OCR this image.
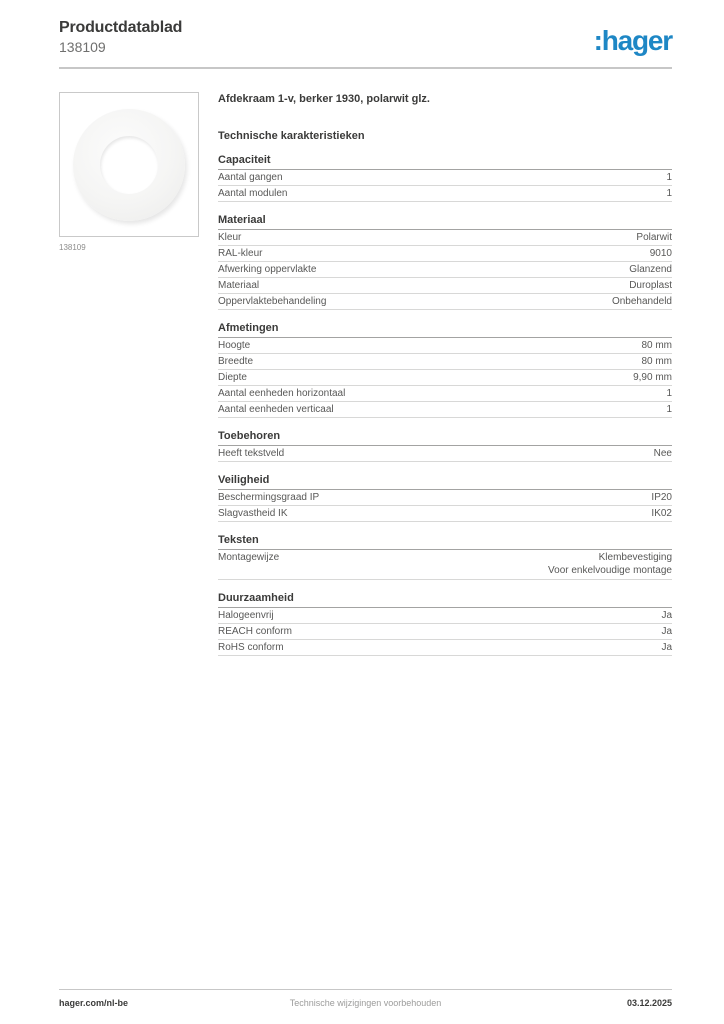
Productdatablad
138109	:hager
138109
Afdekraam 1-v, berker 1930, polarwit glz.
Technische karakteristieken
Capaciteit
Aantal gangen	1
Aantal modulen	1
Materiaal
Kleur	Polarwit
RAL-kleur	9010
Afwerking oppervlakte	Glanzend
Materiaal	Duroplast
Oppervlaktebehandeling	Onbehandeld
Afmetingen
Hoogte	80 mm
Breedte	80 mm
Diepte	9,90 mm
Aantal eenheden horizontaal	1
Aantal eenheden verticaal	1
Toebehoren
Heeft tekstveld	Nee
Veiligheid
Beschermingsgraad IP	IP20
Slagvastheid IK	IK02
Teksten
Montagewijze	Klembevestiging
Voor enkelvoudige montage
Duurzaamheid
Halogeenvrij	Ja
REACH conform	Ja
RoHS conform	Ja
hager.com/nl-be	Technische wijzigingen voorbehouden	03.12.2025
